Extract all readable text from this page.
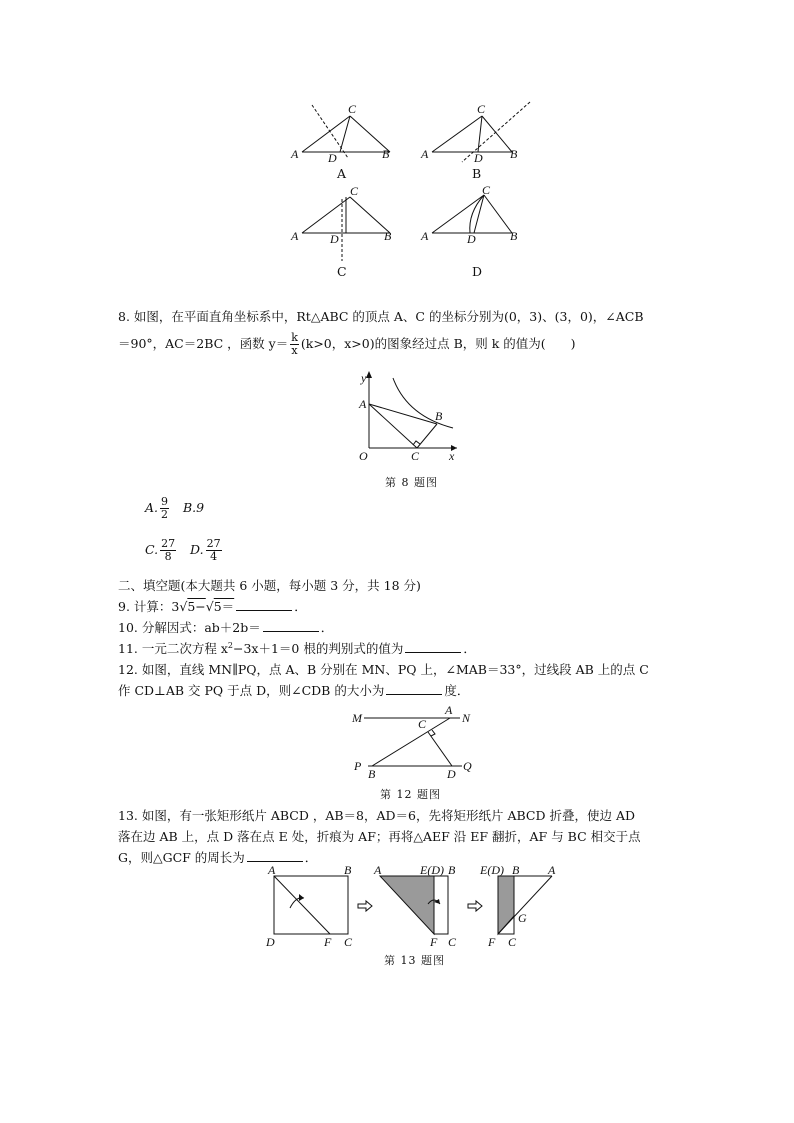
A
C
B
D
A
A
C
B
D
B
A
C
B
D
C
A
C
B
D
D
8. 如图，在平面直角坐标系中，Rt△ABC 的顶点 A、C 的坐标分别为(0，3)、(3，0)，∠ACB
＝90°，AC＝2BC ，函数 $y= \frac{k}{x} (k>0$，x>0)的图象经过点 B，则 k 的值为(　　)
y
A
B
O	C x
第 8 题图
A. $\frac{9}{2} B.9$
C. $\frac{27}{8} D$. $\frac{27}{4}$
二、填空题(本大题共 6 小题，每小题 3 分，共 18 分)
9. 计算：3√5−√5＝	．
10. 分解因式：ab＋2b＝	．
11. 一元二次方程 $x^2-3x+1=0$ 根的判别式的值为	．
12. 如图，直线 MN∥PQ，点 A、B 分别在 MN、PQ 上，∠MAB＝33°，过线段 AB 上的点 C
作 CD⊥AB 交 PQ 于点 D，则∠CDB 的大小为	度．
M
A
N
C
P
B	D
Q
第 12 题图
13. 如图，有一张矩形纸片 ABCD ，AB＝8，AD＝6，先将矩形纸片 ABCD 折叠，使边 AD
落在边 AB 上，点 D 落在点 E 处，折痕为 AF；再将△AEF 沿 EF 翻折，AF 与 BC 相交于点
G，则△GCF 的周长为	．
A	B
D	F C
A	E(D) B
F C
E(D) B A
G
F C
第 13 题图
